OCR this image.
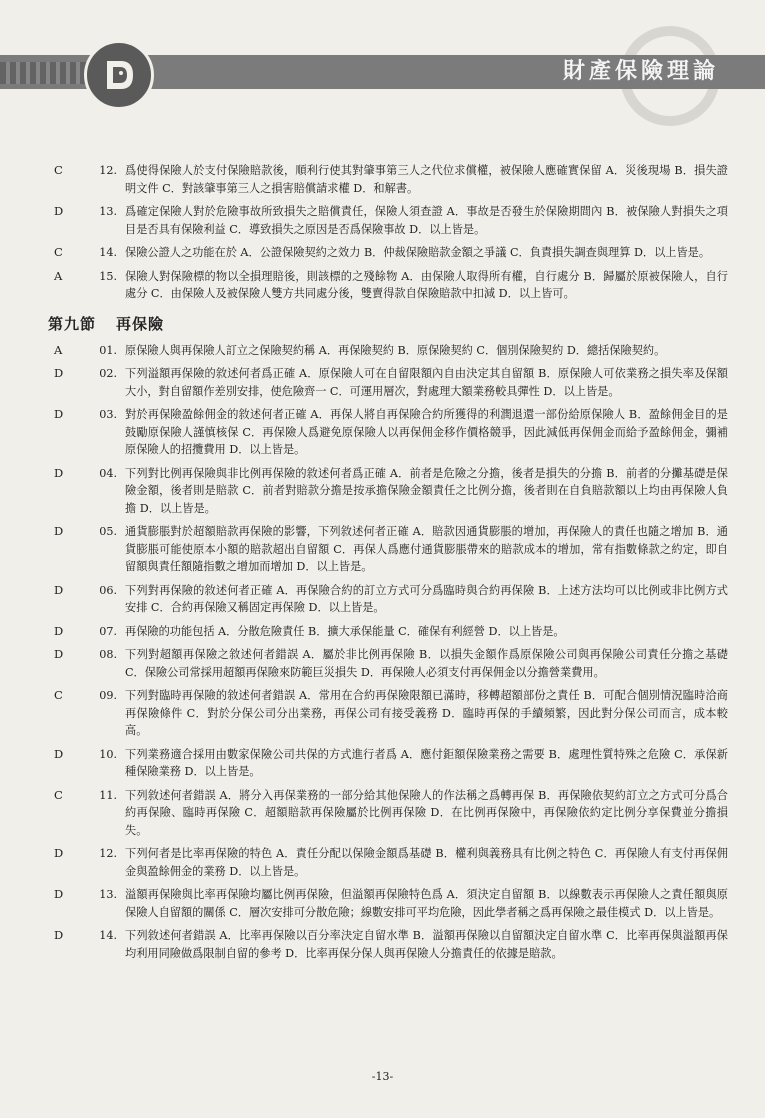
財產保險理論
C	12. 爲使得保險人於支付保險賠款後，順利行使其對肇事第三人之代位求償權，被保險人應確實保留 A．災後現場 B．損失證明文件 C．對該肇事第三人之損害賠償請求權 D．和解書。
D	13. 爲確定保險人對於危險事故所致損失之賠償責任，保險人須查證 A．事故是否發生於保險期間內 B．被保險人對損失之項目是否具有保險利益 C．導致損失之原因是否爲保險事故 D．以上皆是。
C	14. 保險公證人之功能在於 A．公證保險契約之效力 B．仲裁保險賠款金額之爭議 C．負責損失調查與理算 D．以上皆是。
A	15. 保險人對保險標的物以全損理賠後，則該標的之殘餘物 A．由保險人取得所有權，自行處分 B．歸屬於原被保險人，自行處分 C．由保險人及被保險人雙方共同處分後，雙賣得款自保險賠款中扣減 D．以上皆可。
第九節 再保險
A	01. 原保險人與再保險人訂立之保險契約稱 A．再保險契約 B．原保險契約 C．個別保險契約 D．總括保險契約。
D	02. 下列溢額再保險的敘述何者爲正確 A．原保險人可在自留限額內自由決定其自留額 B．原保險人可依業務之損失率及保額大小，對自留額作差別安排，使危險齊一 C．可運用層次，對處理大額業務較具彈性 D．以上皆是。
D	03. 對於再保險盈餘佣金的敘述何者正確 A．再保人將自再保險合約所獲得的利潤退還一部份給原保險人 B．盈餘佣金目的是鼓勵原保險人謹慎核保 C．再保險人爲避免原保險人以再保佣金移作價格競爭，因此減低再保佣金而給予盈餘佣金，彌補原保險人的招攬費用 D．以上皆是。
D	04. 下列對比例再保險與非比例再保險的敘述何者爲正確 A．前者是危險之分擔，後者是損失的分擔 B．前者的分攤基礎是保險金額，後者則是賠款 C．前者對賠款分擔是按承擔保險金額責任之比例分擔，後者則在自負賠款額以上均由再保險人負擔 D．以上皆是。
D	05. 通貨膨脹對於超額賠款再保險的影響，下列敘述何者正確 A．賠款因通貨膨脹的增加，再保險人的責任也隨之增加 B．通貨膨脹可能使原本小額的賠款超出自留額 C．再保人爲應付通貨膨脹帶來的賠款成本的增加，常有指數條款之約定，即自留額與責任額隨指數之增加而增加 D．以上皆是。
D	06. 下列對再保險的敘述何者正確 A．再保險合約的訂立方式可分爲臨時與合約再保險 B．上述方法均可以比例或非比例方式安排 C．合約再保險又稱固定再保險 D．以上皆是。
D	07. 再保險的功能包括 A．分散危險責任 B．擴大承保能量 C．確保有利經營 D．以上皆是。
D	08. 下列對超額再保險之敘述何者錯誤 A．屬於非比例再保險 B．以損失金額作爲原保險公司與再保險公司責任分擔之基礎 C．保險公司常採用超額再保險來防範巨災損失 D．再保險人必須支付再保佣金以分擔營業費用。
C	09. 下列對臨時再保險的敘述何者錯誤 A．常用在合約再保險限額已滿時，移轉超額部份之責任 B．可配合個別情況臨時洽商再保險條件 C．對於分保公司分出業務，再保公司有接受義務 D．臨時再保的手續頻繁，因此對分保公司而言，成本較高。
D	10. 下列業務適合採用由數家保險公司共保的方式進行者爲 A．應付鉅額保險業務之需要 B．處理性質特殊之危險 C．承保新種保險業務 D．以上皆是。
C	11. 下列敘述何者錯誤 A．將分入再保業務的一部分給其他保險人的作法稱之爲轉再保 B．再保險依契約訂立之方式可分爲合約再保險、臨時再保險 C．超額賠款再保險屬於比例再保險 D．在比例再保險中，再保險依約定比例分享保費並分擔損失。
D	12. 下列何者是比率再保險的特色 A．責任分配以保險金額爲基礎 B．權利與義務具有比例之特色 C．再保險人有支付再保佣金與盈餘佣金的業務 D．以上皆是。
D	13. 溢額再保險與比率再保險均屬比例再保險，但溢額再保險特色爲 A．須決定自留額 B．以線數表示再保險人之責任額與原保險人自留額的關係 C．層次安排可分散危險；線數安排可平均危險，因此學者稱之爲再保險之最佳模式 D．以上皆是。
D	14. 下列敘述何者錯誤 A．比率再保險以百分率決定自留水準 B．溢額再保險以自留額決定自留水準 C．比率再保與溢額再保均利用同險做爲限制自留的參考 D．比率再保分保人與再保險人分擔責任的依據是賠款。
-13-
